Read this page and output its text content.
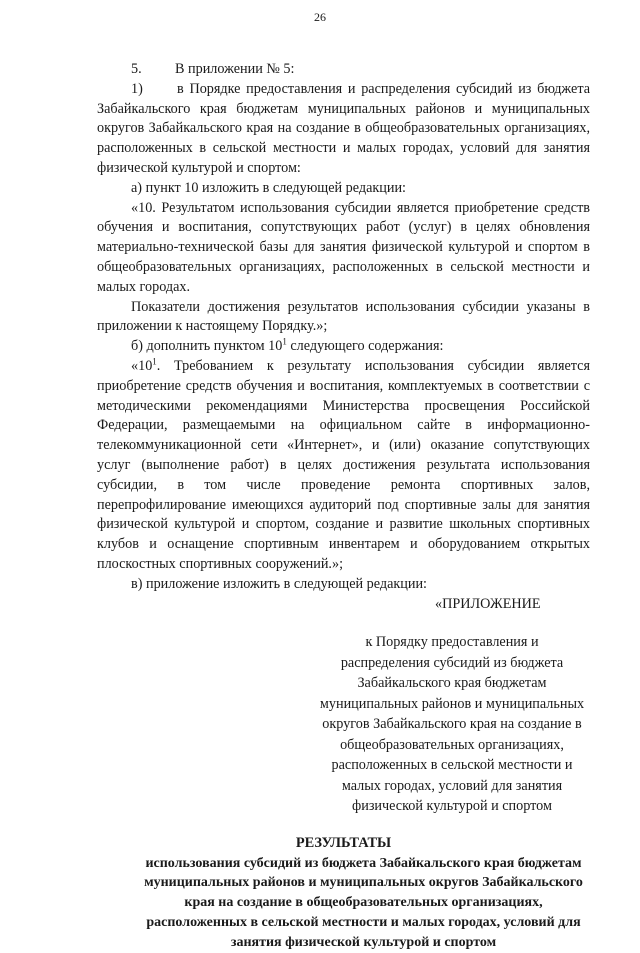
26
5.	В приложении № 5:

1) в Порядке предоставления и распределения субсидий из бюджета Забайкальского края бюджетам муниципальных районов и муниципальных округов Забайкальского края на создание в общеобразовательных организациях, расположенных в сельской местности и малых городах, условий для занятия физической культурой и спортом:

а) пункт 10 изложить в следующей редакции:

«10. Результатом использования субсидии является приобретение средств обучения и воспитания, сопутствующих работ (услуг) в целях обновления материально-технической базы для занятия физической культурой и спортом в общеобразовательных организациях, расположенных в сельской местности и малых городах.

Показатели достижения результатов использования субсидии указаны в приложении к настоящему Порядку.»;

б) дополнить пунктом $10^1$ следующего содержания:

«$10^1$. Требованием к результату использования субсидии является приобретение средств обучения и воспитания, комплектуемых в соответствии с методическими рекомендациями Министерства просвещения Российской Федерации, размещаемыми на официальном сайте в информационно-телекоммуникационной сети «Интернет», и (или) оказание сопутствующих услуг (выполнение работ) в целях достижения результата использования субсидии, в том числе проведение ремонта спортивных залов, перепрофилирование имеющихся аудиторий под спортивные залы для занятия физической культурой и спортом, создание и развитие школьных спортивных клубов и оснащение спортивным инвентарем и оборудованием открытых плоскостных спортивных сооружений.»;

в) приложение изложить в следующей редакции:

«ПРИЛОЖЕНИЕ
к Порядку предоставления и
распределения субсидий из бюджета
Забайкальского края бюджетам
муниципальных районов и муниципальных
округов Забайкальского края на создание в
общеобразовательных организациях,
расположенных в сельской местности и
малых городах, условий для занятия
физической культурой и спортом
РЕЗУЛЬТАТЫ
использования субсидий из бюджета Забайкальского края бюджетам
муниципальных районов и муниципальных округов Забайкальского
края на создание в общеобразовательных организациях,
расположенных в сельской местности и малых городах, условий для
занятия физической культурой и спортом
